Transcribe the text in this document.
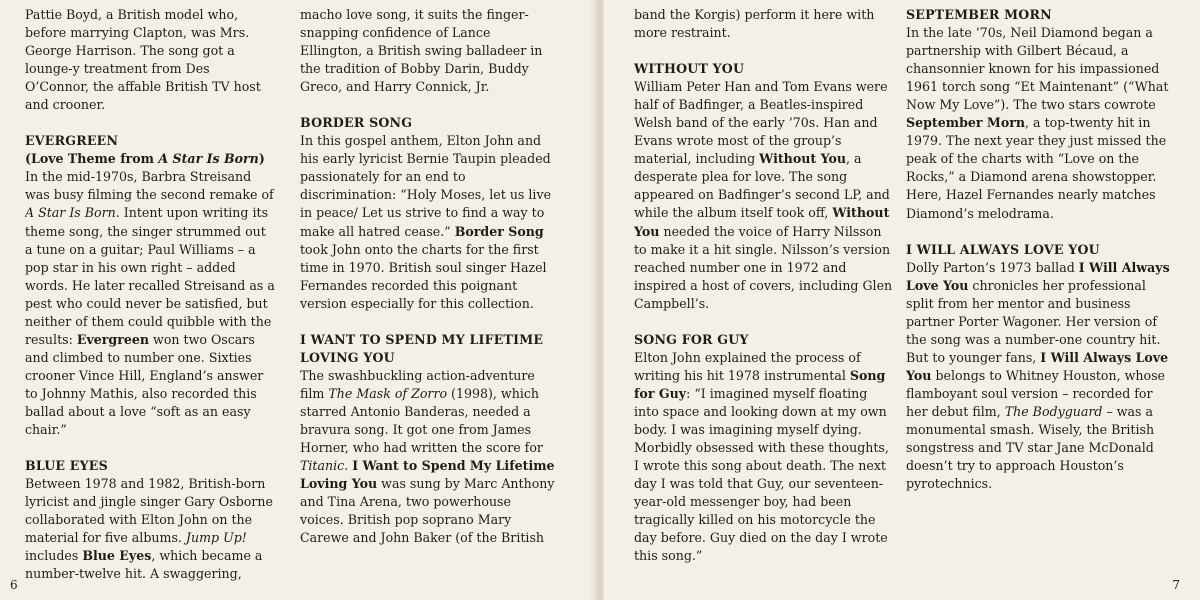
Pattie Boyd, a British model who, before marrying Clapton, was Mrs. George Harrison. The song got a lounge-y treatment from Des O’Connor, the affable British TV host and crooner.

EVERGREEN
(Love Theme from A Star Is Born)

In the mid-1970s, Barbra Streisand was busy filming the second remake of A Star Is Born. Intent upon writing its theme song, the singer strummed out a tune on a guitar; Paul Williams – a pop star in his own right – added words. He later recalled Streisand as a pest who could never be satisfied, but neither of them could quibble with the results: Evergreen won two Oscars and climbed to number one. Sixties crooner Vince Hill, England’s answer to Johnny Mathis, also recorded this ballad about a love “soft as an easy chair.”

BLUE EYES

Between 1978 and 1982, British-born lyricist and jingle singer Gary Osborne collaborated with Elton John on the material for five albums. Jump Up! includes Blue Eyes, which became a number-twelve hit. A swaggering,

macho love song, it suits the finger-snapping confidence of Lance Ellington, a British swing balladeer in the tradition of Bobby Darin, Buddy Greco, and Harry Connick, Jr.

BORDER SONG

In this gospel anthem, Elton John and his early lyricist Bernie Taupin pleaded passionately for an end to discrimination: “Holy Moses, let us live in peace/ Let us strive to find a way to make all hatred cease.” Border Song took John onto the charts for the first time in 1970. British soul singer Hazel Fernandes recorded this poignant version especially for this collection.

I WANT TO SPEND MY LIFETIME LOVING YOU

The swashbuckling action-adventure film The Mask of Zorro (1998), which starred Antonio Banderas, needed a bravura song. It got one from James Horner, who had written the score for Titanic. I Want to Spend My Lifetime Loving You was sung by Marc Anthony and Tina Arena, two powerhouse voices. British pop soprano Mary Carewe and John Baker (of the British

6

band the Korgis) perform it here with more restraint.

WITHOUT YOU

William Peter Han and Tom Evans were half of Badfinger, a Beatles-inspired Welsh band of the early ’70s. Han and Evans wrote most of the group’s material, including Without You, a desperate plea for love. The song appeared on Badfinger’s second LP, and while the album itself took off, Without You needed the voice of Harry Nilsson to make it a hit single. Nilsson’s version reached number one in 1972 and inspired a host of covers, including Glen Campbell’s.

SONG FOR GUY

Elton John explained the process of writing his hit 1978 instrumental Song for Guy: “I imagined myself floating into space and looking down at my own body. I was imagining myself dying. Morbidly obsessed with these thoughts, I wrote this song about death. The next day I was told that Guy, our seventeen-year-old messenger boy, had been tragically killed on his motorcycle the day before. Guy died on the day I wrote this song.”

SEPTEMBER MORN

In the late ’70s, Neil Diamond began a partnership with Gilbert Bécaud, a chansonnier known for his impassioned 1961 torch song “Et Maintenant” (“What Now My Love”). The two stars cowrote September Morn, a top-twenty hit in 1979. The next year they just missed the peak of the charts with “Love on the Rocks,” a Diamond arena showstopper. Here, Hazel Fernandes nearly matches Diamond’s melodrama.

I WILL ALWAYS LOVE YOU

Dolly Parton’s 1973 ballad I Will Always Love You chronicles her professional split from her mentor and business partner Porter Wagoner. Her version of the song was a number-one country hit. But to younger fans, I Will Always Love You belongs to Whitney Houston, whose flamboyant soul version – recorded for her debut film, The Bodyguard – was a monumental smash. Wisely, the British songstress and TV star Jane McDonald doesn’t try to approach Houston’s pyrotechnics.

7
